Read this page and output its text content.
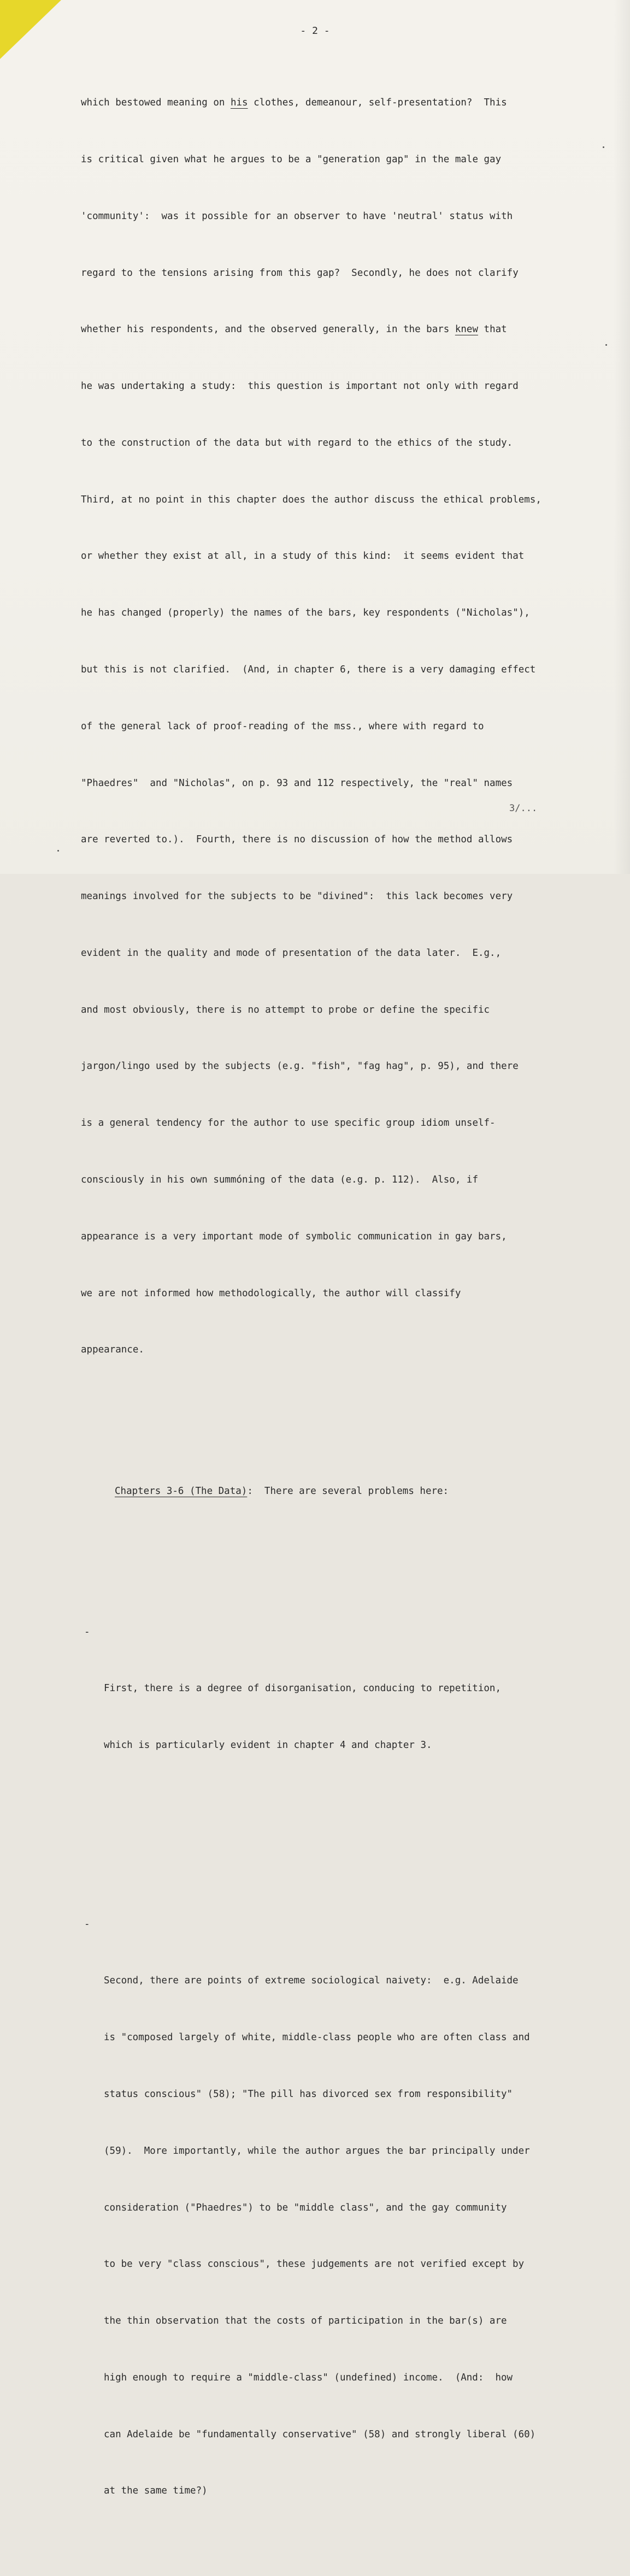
- 2 -

which bestowed meaning on his clothes, demeanour, self-presentation?  This

is critical given what he argues to be a "generation gap" in the male gay

'community':  was it possible for an observer to have 'neutral' status with

regard to the tensions arising from this gap?  Secondly, he does not clarify

whether his respondents, and the observed generally, in the bars knew that

he was undertaking a study:  this question is important not only with regard

to the construction of the data but with regard to the ethics of the study.

Third, at no point in this chapter does the author discuss the ethical problems,

or whether they exist at all, in a study of this kind:  it seems evident that

he has changed (properly) the names of the bars, key respondents ("Nicholas"),

but this is not clarified.  (And, in chapter 6, there is a very damaging effect

of the general lack of proof-reading of the mss., where with regard to

"Phaedres"  and "Nicholas", on p. 93 and 112 respectively, the "real" names

are reverted to.).  Fourth, there is no discussion of how the method allows

meanings involved for the subjects to be "divined":  this lack becomes very

evident in the quality and mode of presentation of the data later.  E.g.,

and most obviously, there is no attempt to probe or define the specific

jargon/lingo used by the subjects (e.g. "fish", "fag hag", p. 95), and there

is a general tendency for the author to use specific group idiom unself-

consciously in his own summóning of the data (e.g. p. 112).  Also, if

appearance is a very important mode of symbolic communication in gay bars,

we are not informed how methodologically, the author will classify

appearance.

Chapters 3-6 (The Data):  There are several problems here:

-

First, there is a degree of disorganisation, conducing to repetition,

which is particularly evident in chapter 4 and chapter 3.

-

Second, there are points of extreme sociological naivety:  e.g. Adelaide

is "composed largely of white, middle-class people who are often class and

status conscious" (58); "The pill has divorced sex from responsibility"

(59).  More importantly, while the author argues the bar principally under

consideration ("Phaedres") to be "middle class", and the gay community

to be very "class conscious", these judgements are not verified except by

the thin observation that the costs of participation in the bar(s) are

high enough to require a "middle-class" (undefined) income.  (And:  how

can Adelaide be "fundamentally conservative" (58) and strongly liberal (60)

at the same time?)

3/...
